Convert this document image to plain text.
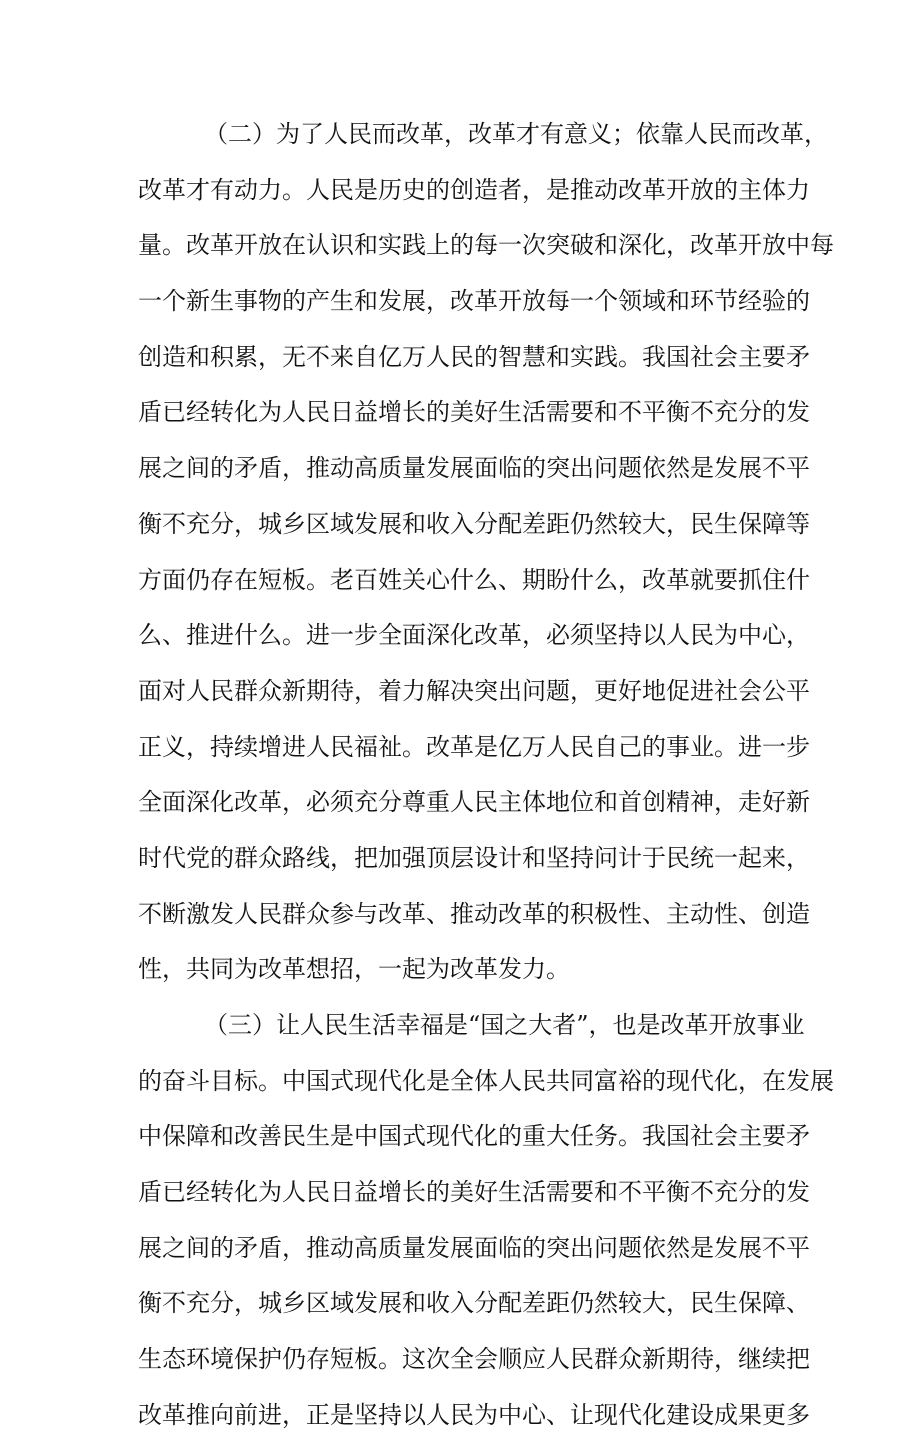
（二）为了人民而改革，改革才有意义；依靠人民而改革，
改革才有动力。人民是历史的创造者，是推动改革开放的主体力
量。改革开放在认识和实践上的每一次突破和深化，改革开放中每
一个新生事物的产生和发展，改革开放每一个领域和环节经验的
创造和积累，无不来自亿万人民的智慧和实践。我国社会主要矛
盾已经转化为人民日益增长的美好生活需要和不平衡不充分的发
展之间的矛盾，推动高质量发展面临的突出问题依然是发展不平
衡不充分，城乡区域发展和收入分配差距仍然较大，民生保障等
方面仍存在短板。老百姓关心什么、期盼什么，改革就要抓住什
么、推进什么。进一步全面深化改革，必须坚持以人民为中心，
面对人民群众新期待，着力解决突出问题，更好地促进社会公平
正义，持续增进人民福祉。改革是亿万人民自己的事业。进一步
全面深化改革，必须充分尊重人民主体地位和首创精神，走好新
时代党的群众路线，把加强顶层设计和坚持问计于民统一起来，
不断激发人民群众参与改革、推动改革的积极性、主动性、创造
性，共同为改革想招，一起为改革发力。
（三）让人民生活幸福是“国之大者”，也是改革开放事业
的奋斗目标。中国式现代化是全体人民共同富裕的现代化，在发展
中保障和改善民生是中国式现代化的重大任务。我国社会主要矛
盾已经转化为人民日益增长的美好生活需要和不平衡不充分的发
展之间的矛盾，推动高质量发展面临的突出问题依然是发展不平
衡不充分，城乡区域发展和收入分配差距仍然较大，民生保障、
生态环境保护仍存短板。这次全会顺应人民群众新期待，继续把
改革推向前进，正是坚持以人民为中心、让现代化建设成果更多
